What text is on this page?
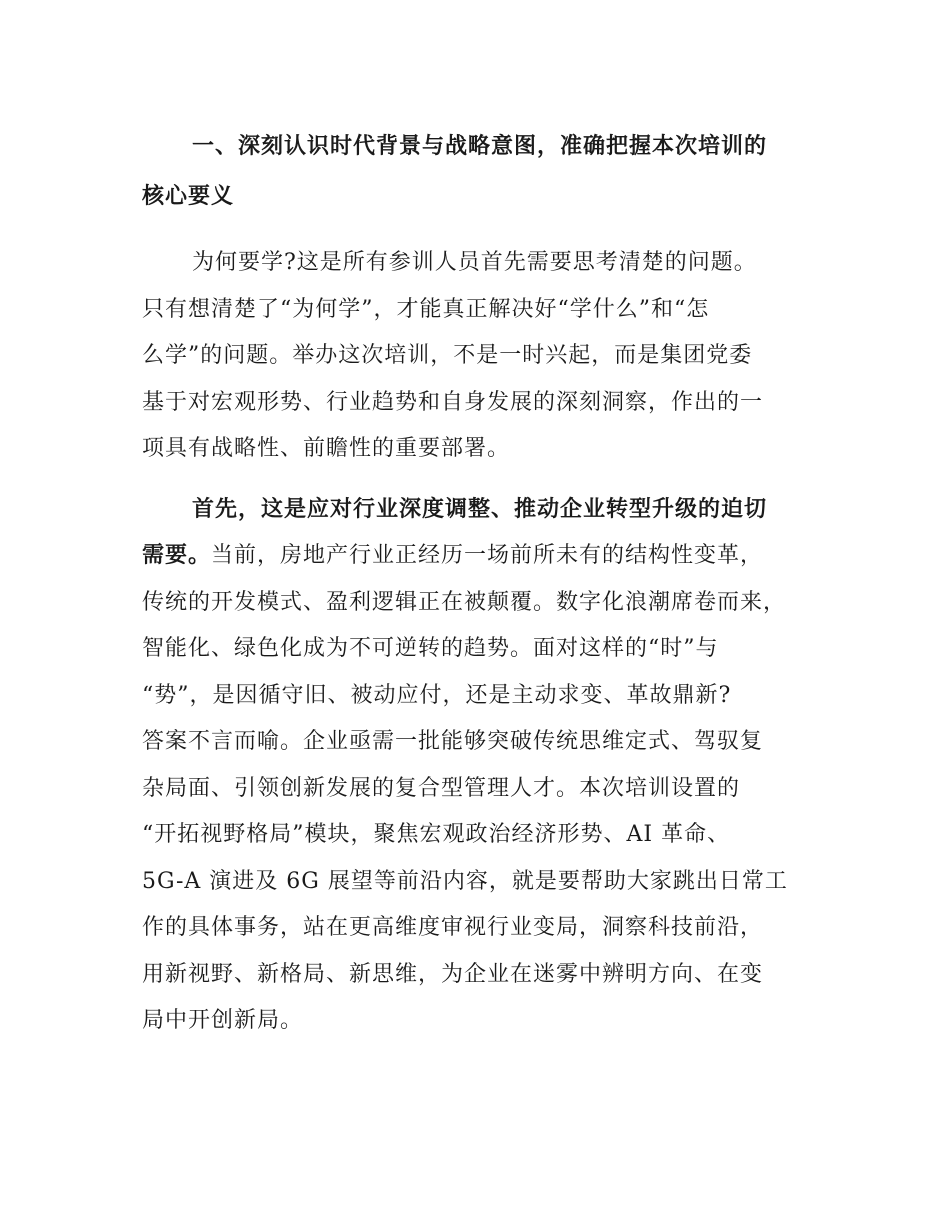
一、深刻认识时代背景与战略意图，准确把握本次培训的
核心要义
为何要学?这是所有参训人员首先需要思考清楚的问题。
只有想清楚了“为何学”，才能真正解决好“学什么”和“怎
么学”的问题。举办这次培训，不是一时兴起，而是集团党委
基于对宏观形势、行业趋势和自身发展的深刻洞察，作出的一
项具有战略性、前瞻性的重要部署。
首先，这是应对行业深度调整、推动企业转型升级的迫切
需要。当前，房地产行业正经历一场前所未有的结构性变革，
传统的开发模式、盈利逻辑正在被颠覆。数字化浪潮席卷而来，
智能化、绿色化成为不可逆转的趋势。面对这样的“时”与
“势”，是因循守旧、被动应付，还是主动求变、革故鼎新?
答案不言而喻。企业亟需一批能够突破传统思维定式、驾驭复
杂局面、引领创新发展的复合型管理人才。本次培训设置的
“开拓视野格局”模块，聚焦宏观政治经济形势、AI 革命、
5G-A 演进及 6G 展望等前沿内容，就是要帮助大家跳出日常工
作的具体事务，站在更高维度审视行业变局，洞察科技前沿，
用新视野、新格局、新思维，为企业在迷雾中辨明方向、在变
局中开创新局。
